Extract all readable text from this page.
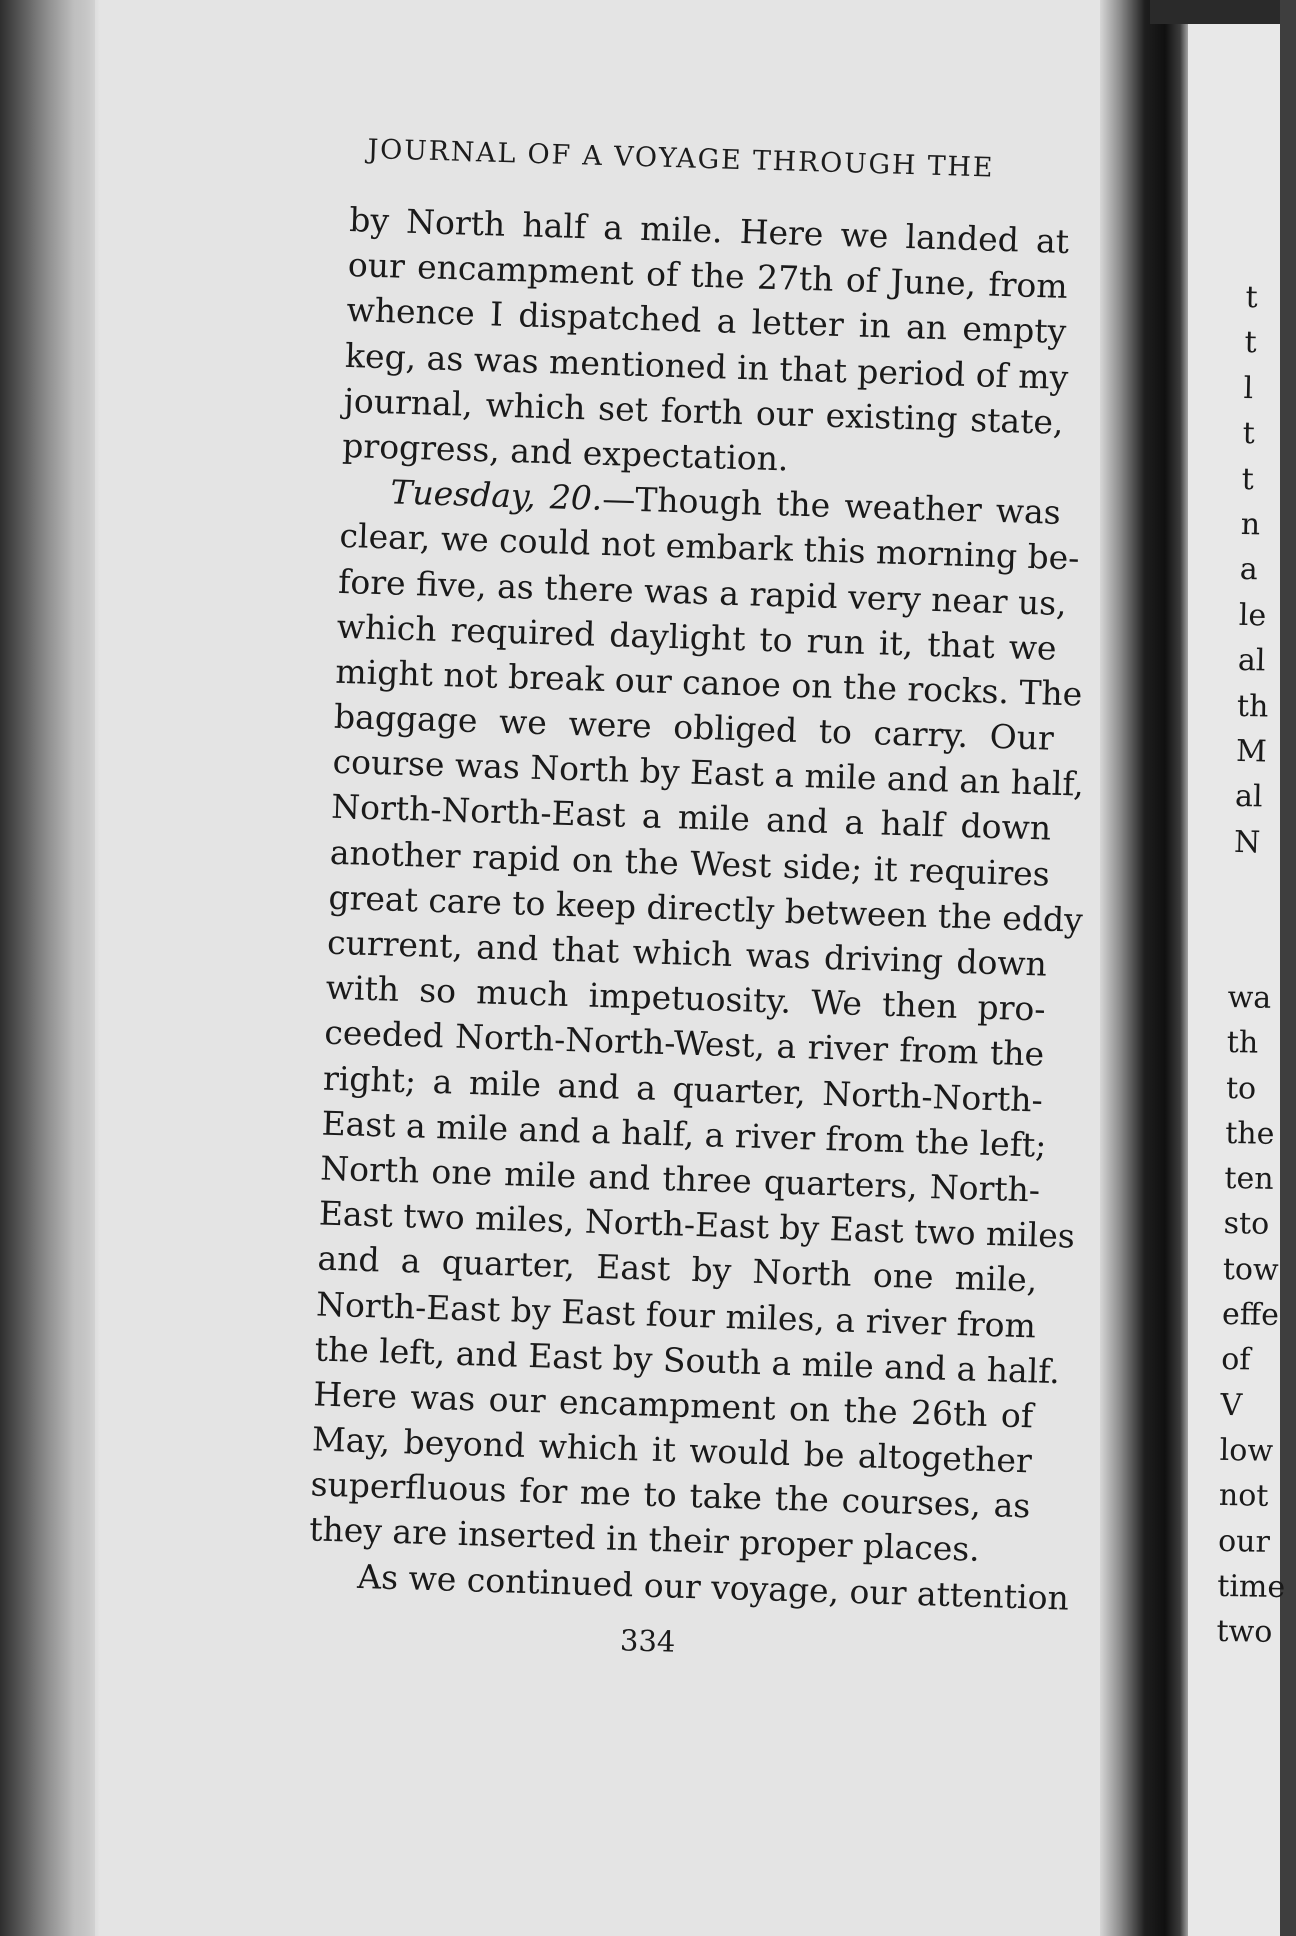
JOURNAL OF A VOYAGE THROUGH THE
by North half a mile. Here we landed at
our encampment of the 27th of June, from
whence I dispatched a letter in an empty
keg, as was mentioned in that period of my
journal, which set forth our existing state,
progress, and expectation.
  Tuesday, 20.—Though the weather was
clear, we could not embark this morning be-
fore five, as there was a rapid very near us,
which required daylight to run it, that we
might not break our canoe on the rocks. The
baggage we were obliged to carry. Our
course was North by East a mile and an half,
North-North-East a mile and a half down
another rapid on the West side; it requires
great care to keep directly between the eddy
current, and that which was driving down
with so much impetuosity. We then pro-
ceeded North-North-West, a river from the
right; a mile and a quarter, North-North-
East a mile and a half, a river from the left;
North one mile and three quarters, North-
East two miles, North-East by East two miles
and a quarter, East by North one mile,
North-East by East four miles, a river from
the left, and East by South a mile and a half.
Here was our encampment on the 26th of
May, beyond which it would be altogether
superfluous for me to take the courses, as
they are inserted in their proper places.
  As we continued our voyage, our attention
334
t
t
l
t
t
n
a
le
al
th
M
al
N
wa
th
to
the
ten
sto
tow
effe
of
V
low
not
our
time
two
